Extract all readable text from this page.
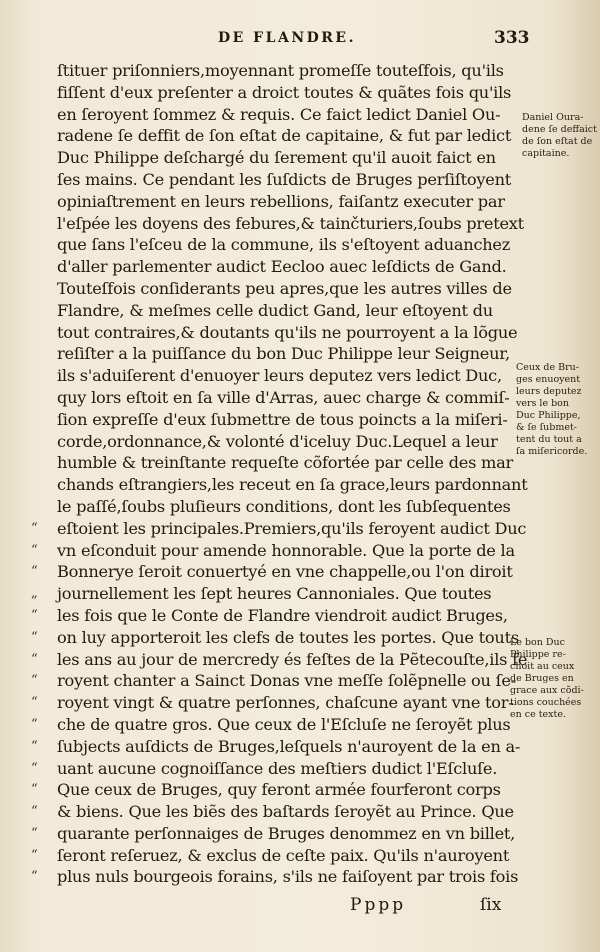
DE FLANDRE.	333
ſtituer priſonniers,moyennant promeſſe touteſfois, qu'ils
fiſſent d'eux preſenter a droict toutes & quãtes fois qu'ils
en ſeroyent ſommez & requis. Ce faict ledict Daniel Ou-
radene ſe deffit de ſon eſtat de capitaine, & fut par ledict
Duc Philippe deſchargé du ſerement qu'il auoit faict en
ſes mains. Ce pendant les ſuſdicts de Bruges perſiſtoyent
opiniaſtrement en leurs rebellions, faiſantz executer par
l'eſpée les doyens des febures,& tainčturiers,ſoubs pretext
que ſans l'eſceu de la commune, ils s'eſtoyent aduanchez
d'aller parlementer audict Eecloo auec leſdicts de Gand.
Touteſfois conſiderants peu apres,que les autres villes de
Flandre, & meſmes celle dudict Gand, leur eſtoyent du
tout contraires,& doutants qu'ils ne pourroyent a la lõgue
reſiſter a la puiſſance du bon Duc Philippe leur Seigneur,
ils s'aduiſerent d'enuoyer leurs deputez vers ledict Duc,
quy lors eſtoit en ſa ville d'Arras, auec charge & commiſ-
ſion expreſſe d'eux ſubmettre de tous poincts a la miſeri-
corde,ordonnance,& volonté d'iceluy Duc.Lequel a leur
humble & treinſtante requeſte cõfortée par celle des mar
chands eſtrangiers,les receut en ſa grace,leurs pardonnant
le paſſé,ſoubs pluſieurs conditions, dont les ſubſequentes
“ eſtoient les principales.Premiers,qu'ils feroyent audict Duc
“ vn eſconduit pour amende honnorable. Que la porte de la
“ Bonnerye ſeroit conuertyé en vne chappelle,ou l'on diroit
„ journellement les ſept heures Cannoniales. Que toutes
“ les fois que le Conte de Flandre viendroit audict Bruges,
“ on luy apporteroit les clefs de toutes les portes. Que touts
“ les ans au jour de mercredy és feſtes de la Pẽtecouſte,ils fe
“ royent chanter a Sainct Donas vne meſſe ſolẽpnelle ou ſe-
“ royent vingt & quatre perſonnes, chaſcune ayant vne tor-
“ che de quatre gros. Que ceux de l'Eſcluſe ne ſeroyẽt plus
“ ſubjects auſdicts de Bruges,leſquels n'auroyent de la en a-
“ uant aucune cognoiſſance des meſtiers dudict l'Eſcluſe.
“ Que ceux de Bruges, quy feront armée fourferont corps
“ & biens. Que les biẽs des baſtards ſeroyẽt au Prince. Que
“ quarante perſonnaiges de Bruges denommez en vn billet,
“ ſeront reſeruez, & exclus de ceſte paix. Qu'ils n'auroyent
“ plus nuls bourgeois forains, s'ils ne faiſoyent par trois fois
Daniel Oura-
dene ſe deffaict
de ſon eſtat de
capitaine.
Ceux de Bru-
ges enuoyent
leurs deputez
vers le bon
Duc Philippe,
& ſe ſubmet-
tent du tout a
ſa miſericorde.
Le bon Duc
Philippe re-
choit au ceux
de Bruges en
grace aux cõdi-
tions couchées
en ce texte.
Pppp	ſix
